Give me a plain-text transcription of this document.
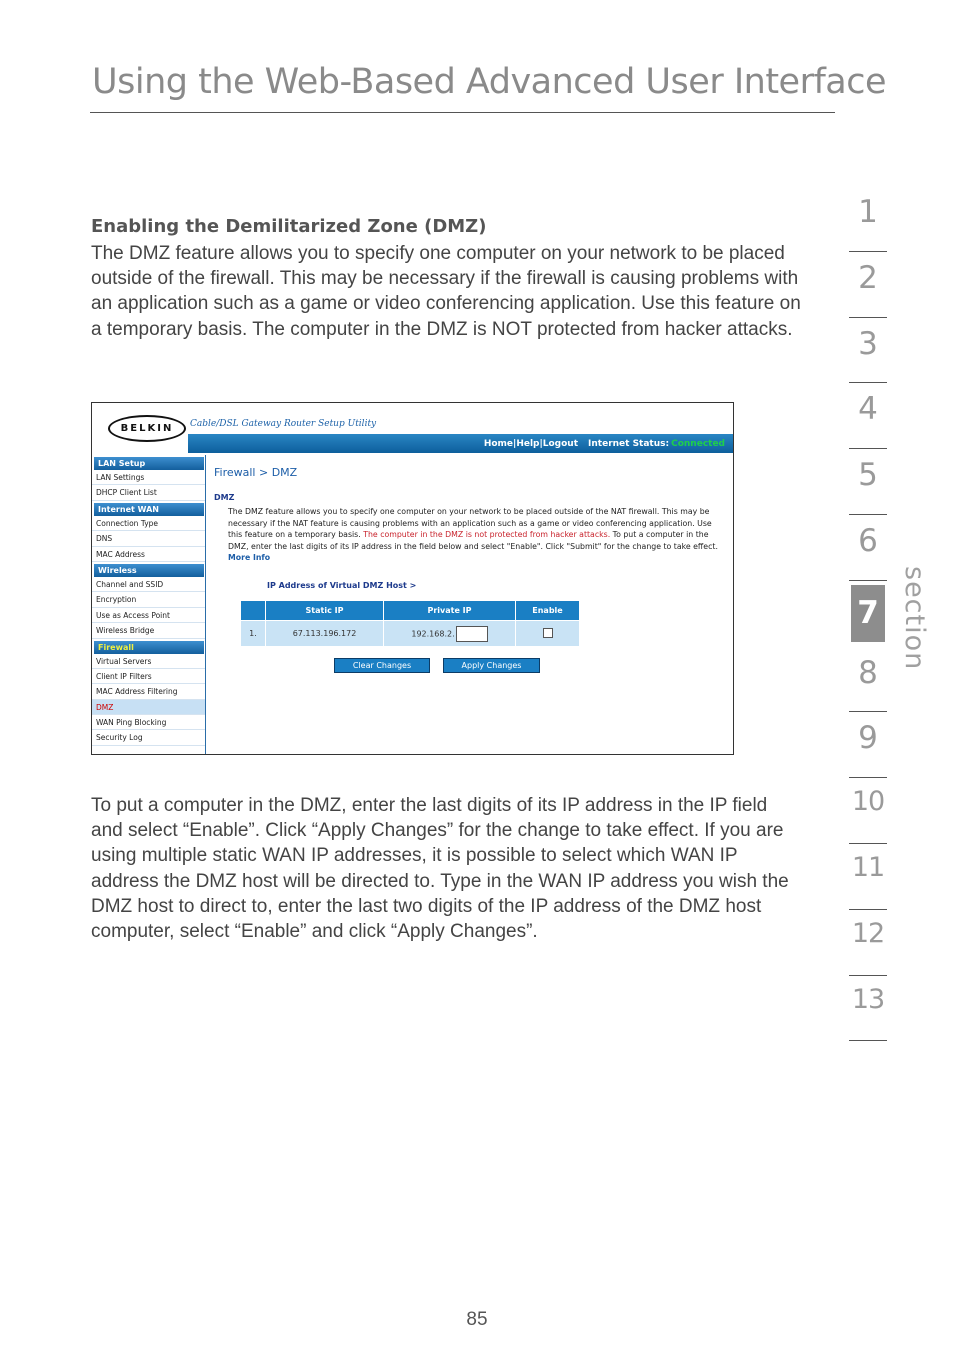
Using the Web-Based Advanced User Interface
Enabling the Demilitarized Zone (DMZ)

The DMZ feature allows you to specify one computer on your network to be placed outside of the firewall. This may be necessary if the firewall is causing problems with an application such as a game or video conferencing application. Use this feature on a temporary basis. The computer in the DMZ is NOT protected from hacker attacks.

BELKIN Cable/DSL Gateway Router Setup Utility
Home|Help|Logout Internet Status: Connected
LAN Setup
LAN Settings
DHCP Client List
Internet WAN
Connection Type
DNS
MAC Address
Wireless
Channel and SSID
Encryption
Use as Access Point
Wireless Bridge
Firewall
Virtual Servers
Client IP Filters
MAC Address Filtering
DMZ
WAN Ping Blocking
Security Log
Firewall > DMZ
DMZ
The DMZ feature allows you to specify one computer on your network to be placed outside of the NAT firewall. This may be necessary if the NAT feature is causing problems with an application such as a game or video conferencing application. Use this feature on a temporary basis. The computer in the DMZ is not protected from hacker attacks. To put a computer in the DMZ, enter the last digits of its IP address in the field below and select "Enable". Click "Submit" for the change to take effect. More Info
IP Address of Virtual DMZ Host >
	Static IP	Private IP	Enable
1.	67.113.196.172	192.168.2.	
Clear Changes	Apply Changes

To put a computer in the DMZ, enter the last digits of its IP address in the IP field and select “Enable”. Click “Apply Changes” for the change to take effect. If you are using multiple static WAN IP addresses, it is possible to select which WAN IP address the DMZ host will be directed to. Type in the WAN IP address you wish the DMZ host to direct to, enter the last two digits of the IP address of the DMZ host computer, select “Enable” and click “Apply Changes”.

1
2
3
4
5
6
7
8
9
10
11
12
13
section
85
